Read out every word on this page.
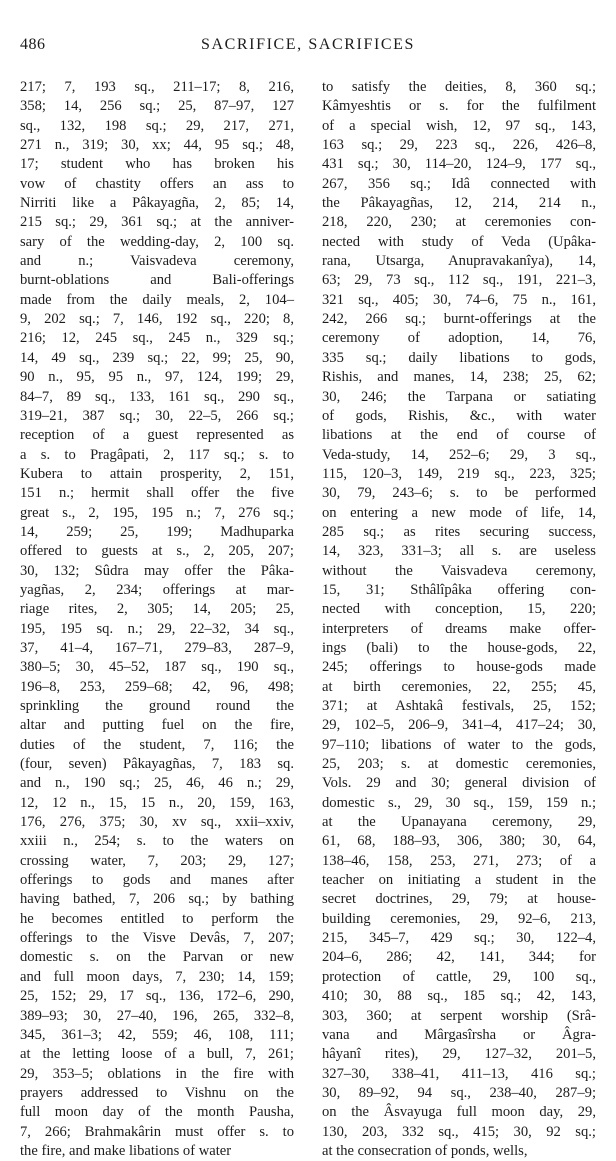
486	SACRIFICE, SACRIFICES
217; 7, 193 sq., 211–17; 8, 216,
358; 14, 256 sq.; 25, 87–97, 127
sq., 132, 198 sq.; 29, 217, 271,
271 n., 319; 30, xx; 44, 95 sq.; 48,
17; student who has broken his
vow of chastity offers an ass to
Nirriti like a Pâkayagña, 2, 85; 14,
215 sq.; 29, 361 sq.; at the anniver-
sary of the wedding-day, 2, 100 sq.
and n.; Vaisvadeva ceremony,
burnt-oblations and Bali-offerings
made from the daily meals, 2, 104–
9, 202 sq.; 7, 146, 192 sq., 220; 8,
216; 12, 245 sq., 245 n., 329 sq.;
14, 49 sq., 239 sq.; 22, 99; 25, 90,
90 n., 95, 95 n., 97, 124, 199; 29,
84–7, 89 sq., 133, 161 sq., 290 sq.,
319–21, 387 sq.; 30, 22–5, 266 sq.;
reception of a guest represented as
a s. to Pragâpati, 2, 117 sq.; s. to
Kubera to attain prosperity, 2, 151,
151 n.; hermit shall offer the five
great s., 2, 195, 195 n.; 7, 276 sq.;
14, 259; 25, 199; Madhuparka
offered to guests at s., 2, 205, 207;
30, 132; Sûdra may offer the Pâka-
yagñas, 2, 234; offerings at mar-
riage rites, 2, 305; 14, 205; 25,
195, 195 sq. n.; 29, 22–32, 34 sq.,
37, 41–4, 167–71, 279–83, 287–9,
380–5; 30, 45–52, 187 sq., 190 sq.,
196–8, 253, 259–68; 42, 96, 498;
sprinkling the ground round the
altar and putting fuel on the fire,
duties of the student, 7, 116; the
(four, seven) Pâkayagñas, 7, 183 sq.
and n., 190 sq.; 25, 46, 46 n.; 29,
12, 12 n., 15, 15 n., 20, 159, 163,
176, 276, 375; 30, xv sq., xxii–xxiv,
xxiii n., 254; s. to the waters on
crossing water, 7, 203; 29, 127;
offerings to gods and manes after
having bathed, 7, 206 sq.; by bathing
he becomes entitled to perform the
offerings to the Visve Devâs, 7, 207;
domestic s. on the Parvan or new
and full moon days, 7, 230; 14, 159;
25, 152; 29, 17 sq., 136, 172–6, 290,
389–93; 30, 27–40, 196, 265, 332–8,
345, 361–3; 42, 559; 46, 108, 111;
at the letting loose of a bull, 7, 261;
29, 353–5; oblations in the fire with
prayers addressed to Vishnu on the
full moon day of the month Pausha,
7, 266; Brahmakârin must offer s. to
the fire, and make libations of water
to satisfy the deities, 8, 360 sq.;
Kâmyeshtis or s. for the fulfilment
of a special wish, 12, 97 sq., 143,
163 sq.; 29, 223 sq., 226, 426–8,
431 sq.; 30, 114–20, 124–9, 177 sq.,
267, 356 sq.; Idâ connected with
the Pâkayagñas, 12, 214, 214 n.,
218, 220, 230; at ceremonies con-
nected with study of Veda (Upâka-
rana, Utsarga, Anupravakanîya), 14,
63; 29, 73 sq., 112 sq., 191, 221–3,
321 sq., 405; 30, 74–6, 75 n., 161,
242, 266 sq.; burnt-offerings at the
ceremony of adoption, 14, 76,
335 sq.; daily libations to gods,
Rishis, and manes, 14, 238; 25, 62;
30, 246; the Tarpana or satiating
of gods, Rishis, &c., with water
libations at the end of course of
Veda-study, 14, 252–6; 29, 3 sq.,
115, 120–3, 149, 219 sq., 223, 325;
30, 79, 243–6; s. to be performed
on entering a new mode of life, 14,
285 sq.; as rites securing success,
14, 323, 331–3; all s. are useless
without the Vaisvadeva ceremony,
15, 31; Sthâlîpâka offering con-
nected with conception, 15, 220;
interpreters of dreams make offer-
ings (bali) to the house-gods, 22,
245; offerings to house-gods made
at birth ceremonies, 22, 255; 45,
371; at Ashtakâ festivals, 25, 152;
29, 102–5, 206–9, 341–4, 417–24; 30,
97–110; libations of water to the gods,
25, 203; s. at domestic ceremonies,
Vols. 29 and 30; general division of
domestic s., 29, 30 sq., 159, 159 n.;
at the Upanayana ceremony, 29,
61, 68, 188–93, 306, 380; 30, 64,
138–46, 158, 253, 271, 273; of a
teacher on initiating a student in the
secret doctrines, 29, 79; at house-
building ceremonies, 29, 92–6, 213,
215, 345–7, 429 sq.; 30, 122–4,
204–6, 286; 42, 141, 344; for
protection of cattle, 29, 100 sq.,
410; 30, 88 sq., 185 sq.; 42, 143,
303, 360; at serpent worship (Srâ-
vana and Mârgasîrsha or Âgra-
hâyanî rites), 29, 127–32, 201–5,
327–30, 338–41, 411–13, 416 sq.;
30, 89–92, 94 sq., 238–40, 287–9;
on the Âsvayuga full moon day, 29,
130, 203, 332 sq., 415; 30, 92 sq.;
at the consecration of ponds, wells,
